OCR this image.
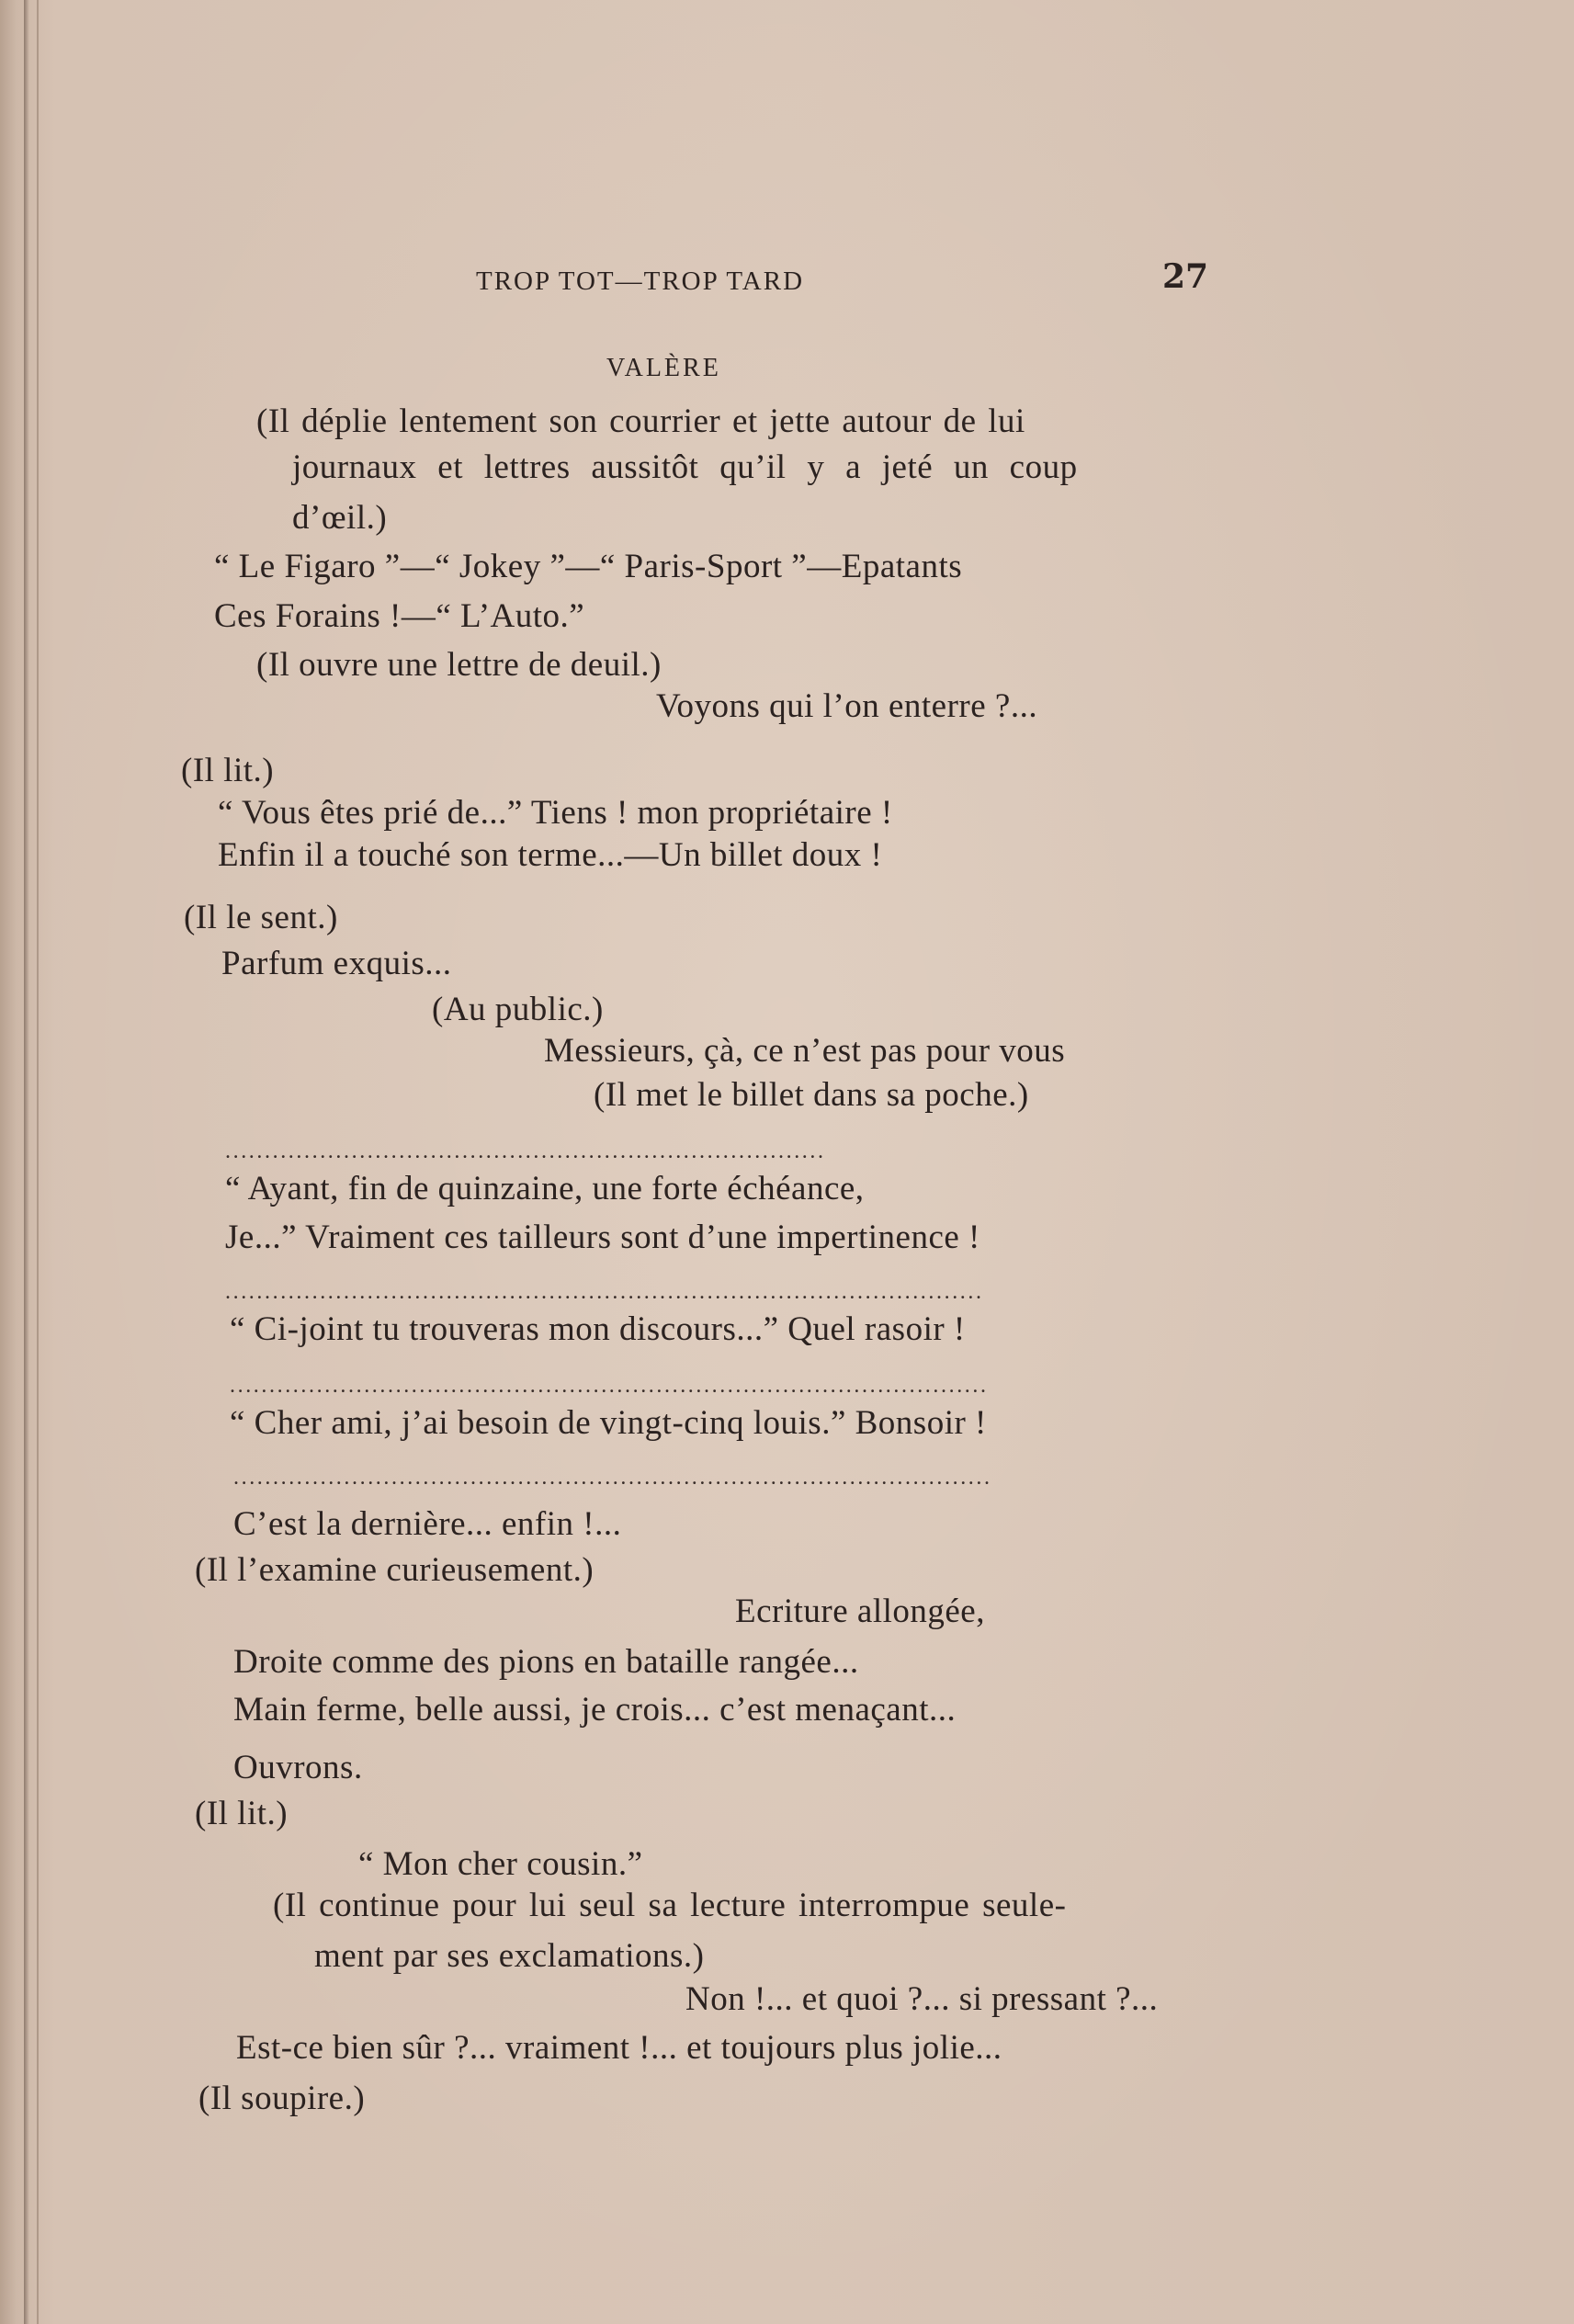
TROP TOT—TROP TARD	27
VALÈRE
(Il déplie lentement son courrier et jette autour de lui
journaux et lettres aussitôt qu’il y a jeté un coup
d’œil.)
“ Le Figaro ”—“ Jokey ”—“ Paris-Sport ”—Epatants
Ces Forains !—“ L’Auto.”
(Il ouvre une lettre de deuil.)
Voyons qui l’on enterre ?...
(Il lit.)
“ Vous êtes prié de...” Tiens ! mon propriétaire !
Enfin il a touché son terme...—Un billet doux !
(Il le sent.)
Parfum exquis...
(Au public.)
Messieurs, çà, ce n’est pas pour vous
(Il met le billet dans sa poche.)
............................................................................
“ Ayant, fin de quinzaine, une forte échéance,
Je...” Vraiment ces tailleurs sont d’une impertinence !
................................................................................................
“ Ci-joint tu trouveras mon discours...” Quel rasoir !
................................................................................................
“ Cher ami, j’ai besoin de vingt-cinq louis.” Bonsoir !
................................................................................................
C’est la dernière... enfin !...
(Il l’examine curieusement.)
Ecriture allongée,
Droite comme des pions en bataille rangée...
Main ferme, belle aussi, je crois... c’est menaçant...
Ouvrons.
(Il lit.)
“ Mon cher cousin.”
(Il continue pour lui seul sa lecture interrompue seule-
ment par ses exclamations.)
Non !... et quoi ?... si pressant ?...
Est-ce bien sûr ?... vraiment !... et toujours plus jolie...
(Il soupire.)
